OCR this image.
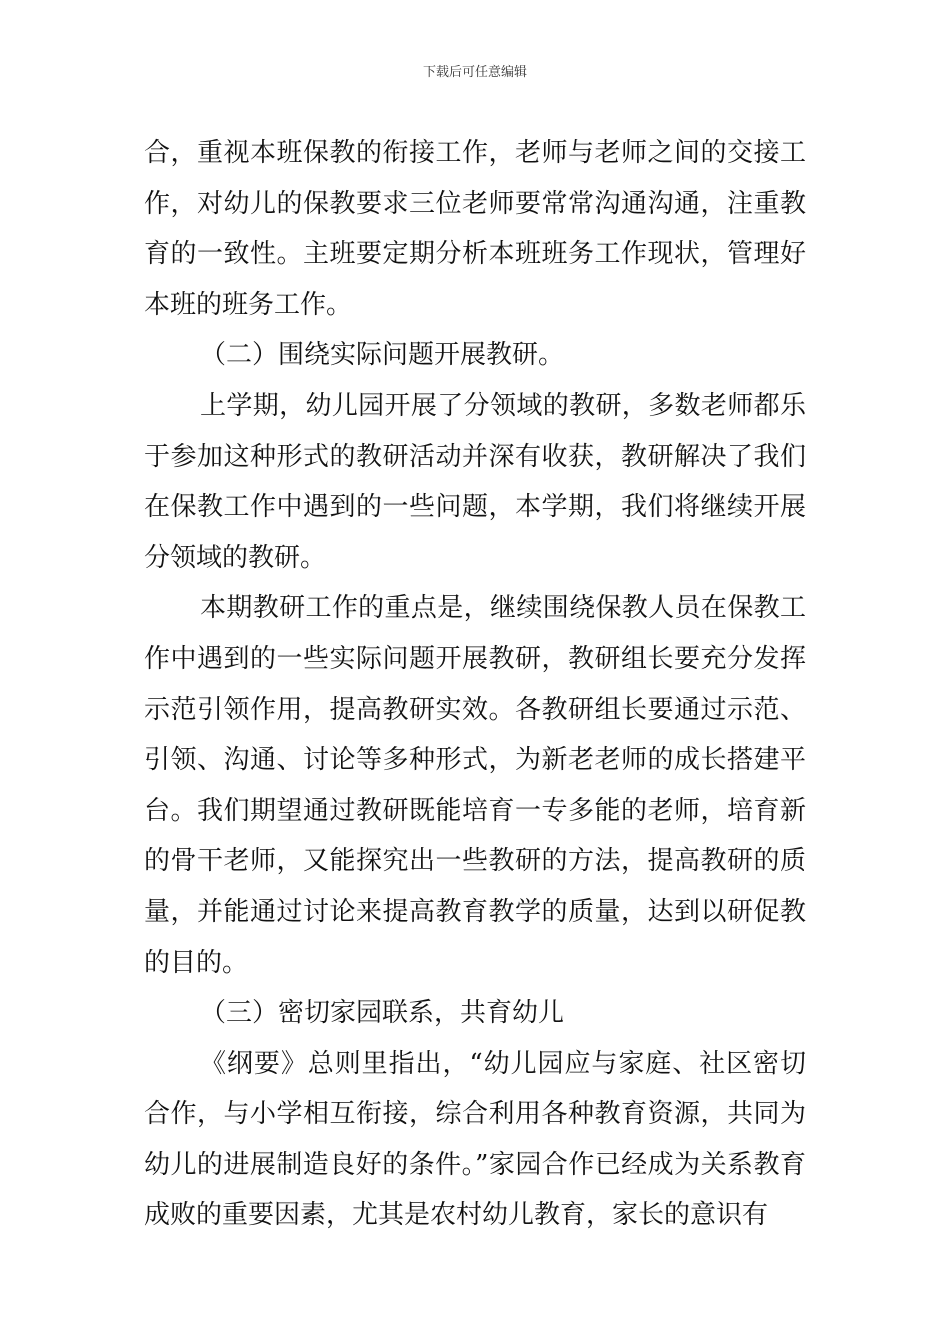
下载后可任意编辑

合，重视本班保教的衔接工作，老师与老师之间的交接工作，对幼儿的保教要求三位老师要常常沟通沟通，注重教育的一致性。主班要定期分析本班班务工作现状，管理好本班的班务工作。

（二）围绕实际问题开展教研。

上学期，幼儿园开展了分领域的教研，多数老师都乐于参加这种形式的教研活动并深有收获，教研解决了我们在保教工作中遇到的一些问题，本学期，我们将继续开展分领域的教研。

本期教研工作的重点是，继续围绕保教人员在保教工作中遇到的一些实际问题开展教研，教研组长要充分发挥示范引领作用，提高教研实效。各教研组长要通过示范、引领、沟通、讨论等多种形式，为新老老师的成长搭建平台。我们期望通过教研既能培育一专多能的老师，培育新的骨干老师，又能探究出一些教研的方法，提高教研的质量，并能通过讨论来提高教育教学的质量，达到以研促教的目的。

（三）密切家园联系，共育幼儿

《纲要》总则里指出，“幼儿园应与家庭、社区密切合作，与小学相互衔接，综合利用各种教育资源，共同为幼儿的进展制造良好的条件。”家园合作已经成为关系教育成败的重要因素，尤其是农村幼儿教育，家长的意识有
